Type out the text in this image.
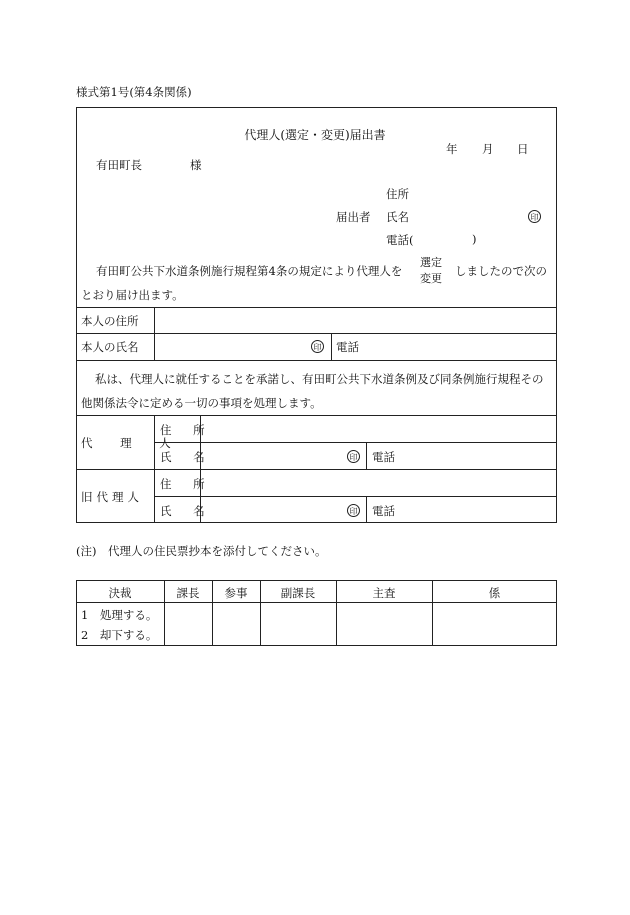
様式第1号(第4条関係)
代理人(選定・変更)届出書
年 月 日
有田町長	様
住所
届出者 氏名	印
電話(	)
有田町公共下水道条例施行規程第4条の規定により代理人を
選定
変更
しましたので次の
とおり届け出ます。
本人の住所
本人の氏名	印 電話
私は、代理人に就任することを承諾し、有田町公共下水道条例及び同条例施行規程その
他関係法令に定める一切の事項を処理します。
代 理 人
住 所
氏 名	印 電話
旧代理人
住 所
氏 名	印 電話
(注)　代理人の住民票抄本を添付してください。
決裁	課長	参事	副課長	主査	係
1　処理する。
2　却下する。
